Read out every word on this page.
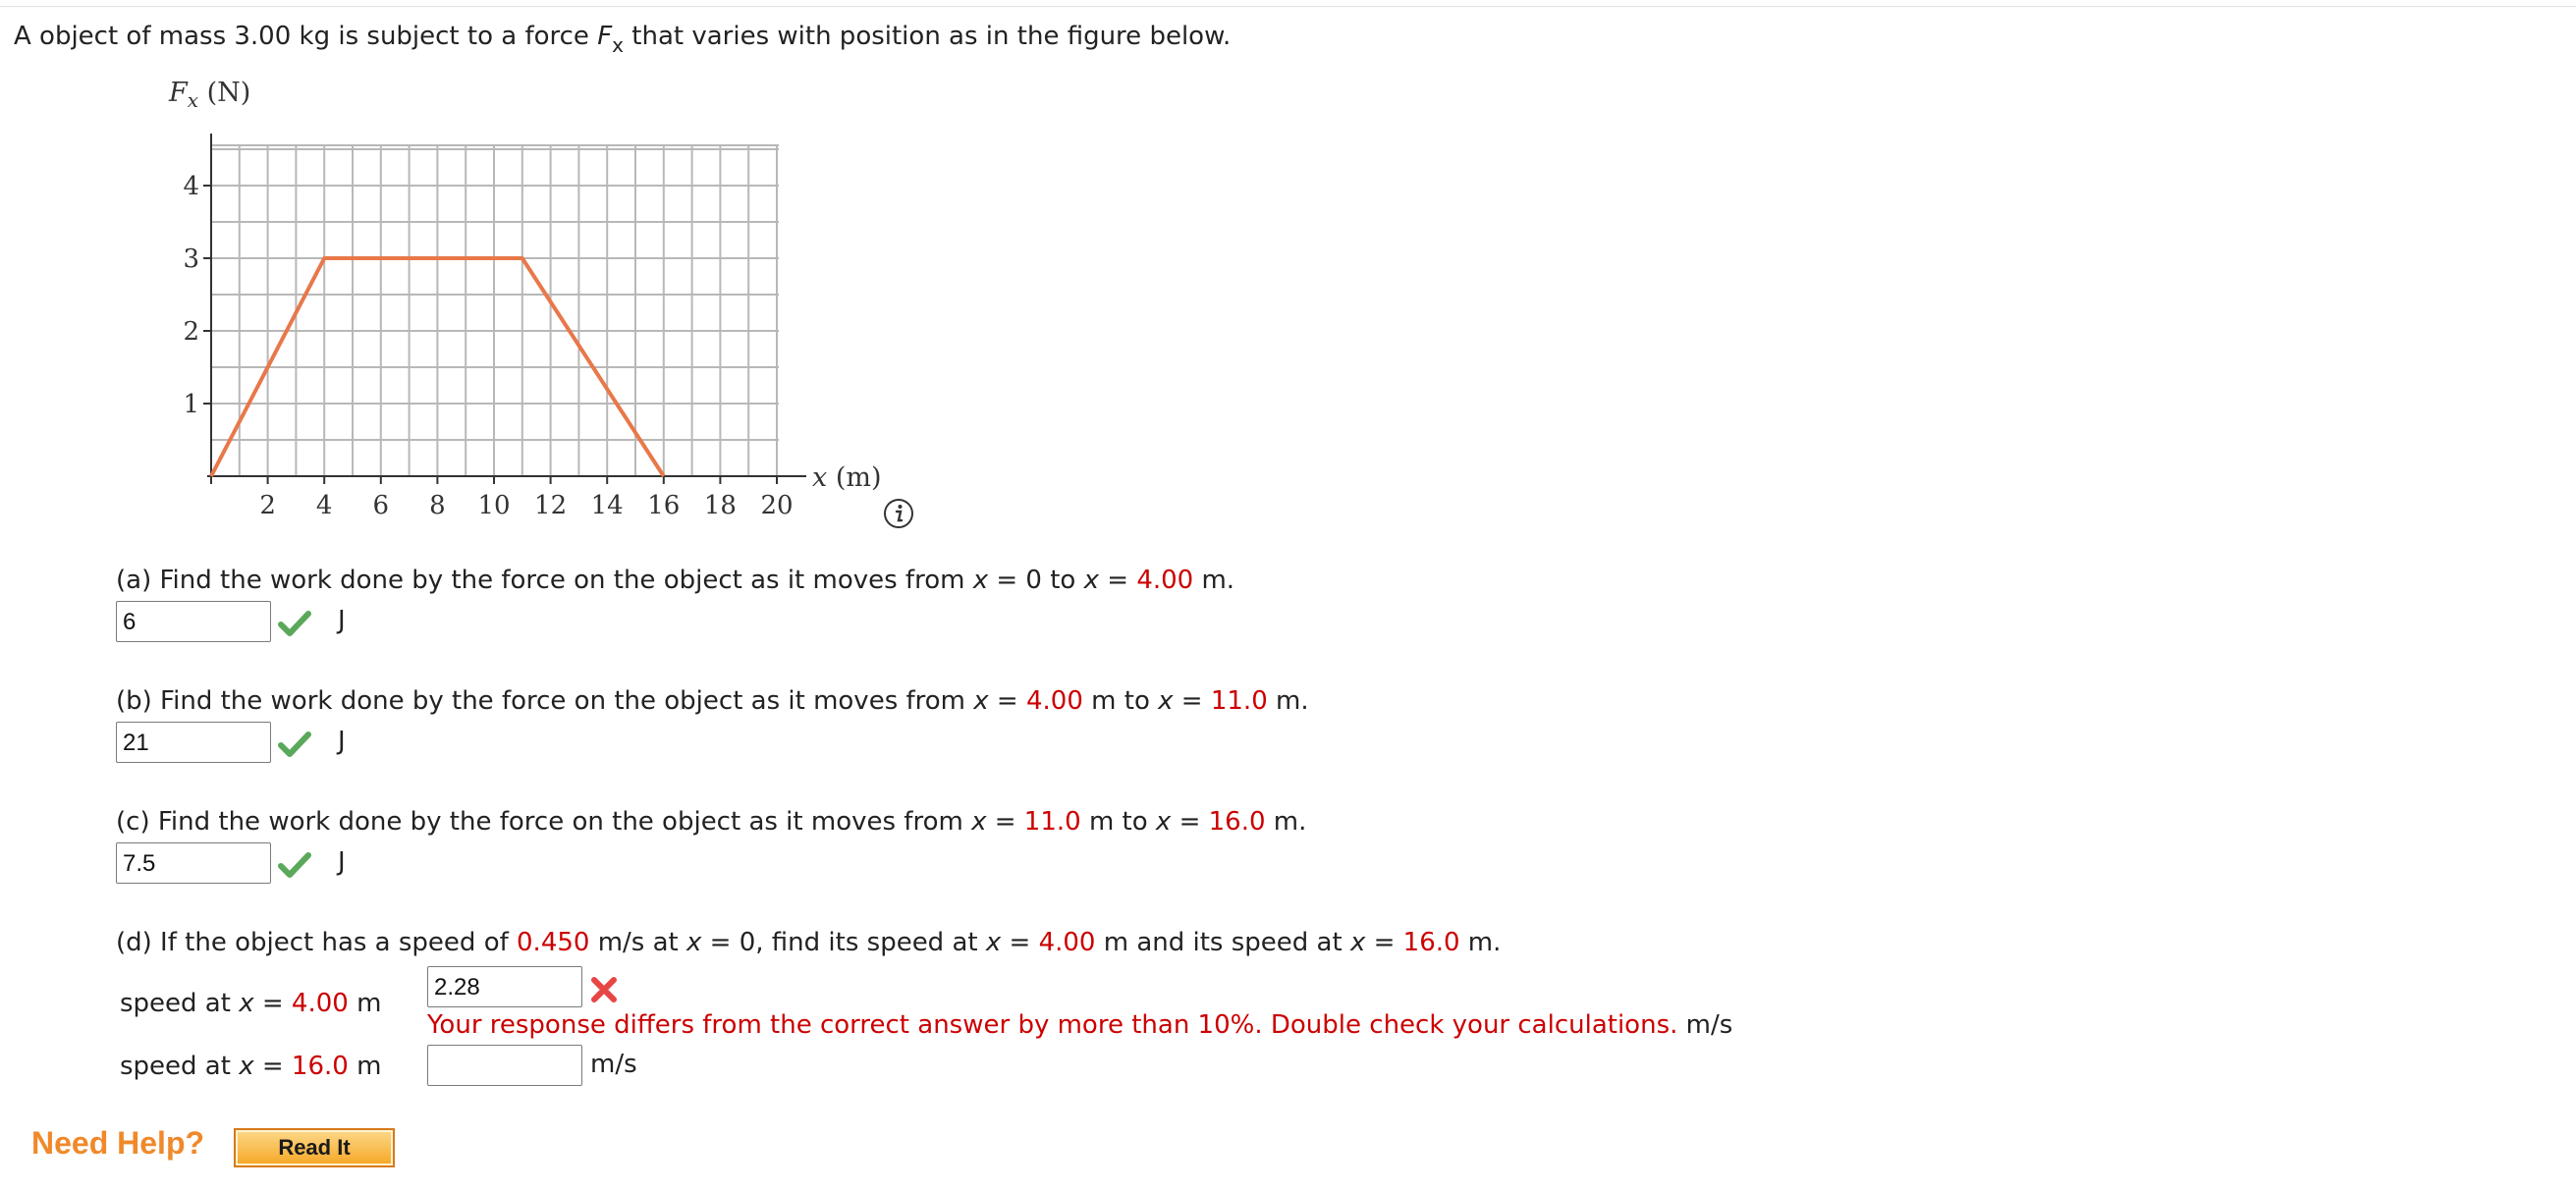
A object of mass 3.00 kg is subject to a force $F_x$ that varies with position as in the figure below.
2 4 6 8 10 12 14 16 18 20
1
2
3
4
$F_x$ (N)
x (m)
(a) Find the work done by the force on the object as it moves from x = 0 to x = 4.00 m.
6
J
(b) Find the work done by the force on the object as it moves from x = 4.00 m to x = 11.0 m.
21
J
(c) Find the work done by the force on the object as it moves from x = 11.0 m to x = 16.0 m.
7.5
J
(d) If the object has a speed of 0.450 m/s at x = 0, find its speed at x = 4.00 m and its speed at x = 16.0 m.
speed at x = 4.00 m
2.28
Your response differs from the correct answer by more than 10%. Double check your calculations. m/s
speed at x = 16.0 m	m/s
Need Help?	Read It
